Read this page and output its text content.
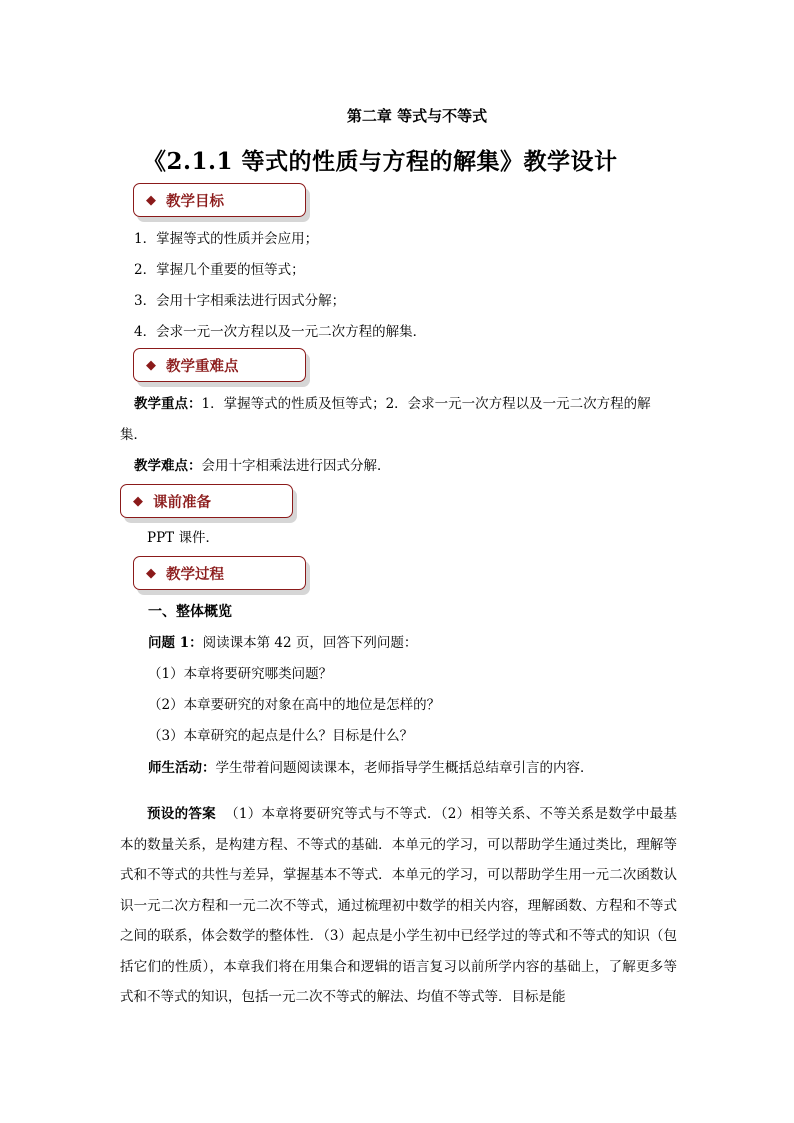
第二章 等式与不等式
《2.1.1 等式的性质与方程的解集》教学设计
◆ 教学目标
1．掌握等式的性质并会应用；
2．掌握几个重要的恒等式；
3．会用十字相乘法进行因式分解；
4．会求一元一次方程以及一元二次方程的解集．
◆ 教学重难点
教学重点：1．掌握等式的性质及恒等式；2．会求一元一次方程以及一元二次方程的解
集．
教学难点：会用十字相乘法进行因式分解．
◆ 课前准备
PPT 课件．
◆ 教学过程
一、整体概览
问题 1：阅读课本第 42 页，回答下列问题：
（1）本章将要研究哪类问题？
（2）本章要研究的对象在高中的地位是怎样的？
（3）本章研究的起点是什么？目标是什么？
师生活动：学生带着问题阅读课本，老师指导学生概括总结章引言的内容．
预设的答案 （1）本章将要研究等式与不等式．（2）相等关系、不等关系是数学中最基本的数量关系，是构建方程、不等式的基础．本单元的学习，可以帮助学生通过类比，理解等式和不等式的共性与差异，掌握基本不等式．本单元的学习，可以帮助学生用一元二次函数认识一元二次方程和一元二次不等式，通过梳理初中数学的相关内容，理解函数、方程和不等式之间的联系，体会数学的整体性．（3）起点是小学生初中已经学过的等式和不等式的知识（包括它们的性质），本章我们将在用集合和逻辑的语言复习以前所学内容的基础上，了解更多等式和不等式的知识，包括一元二次不等式的解法、均值不等式等．目标是能
